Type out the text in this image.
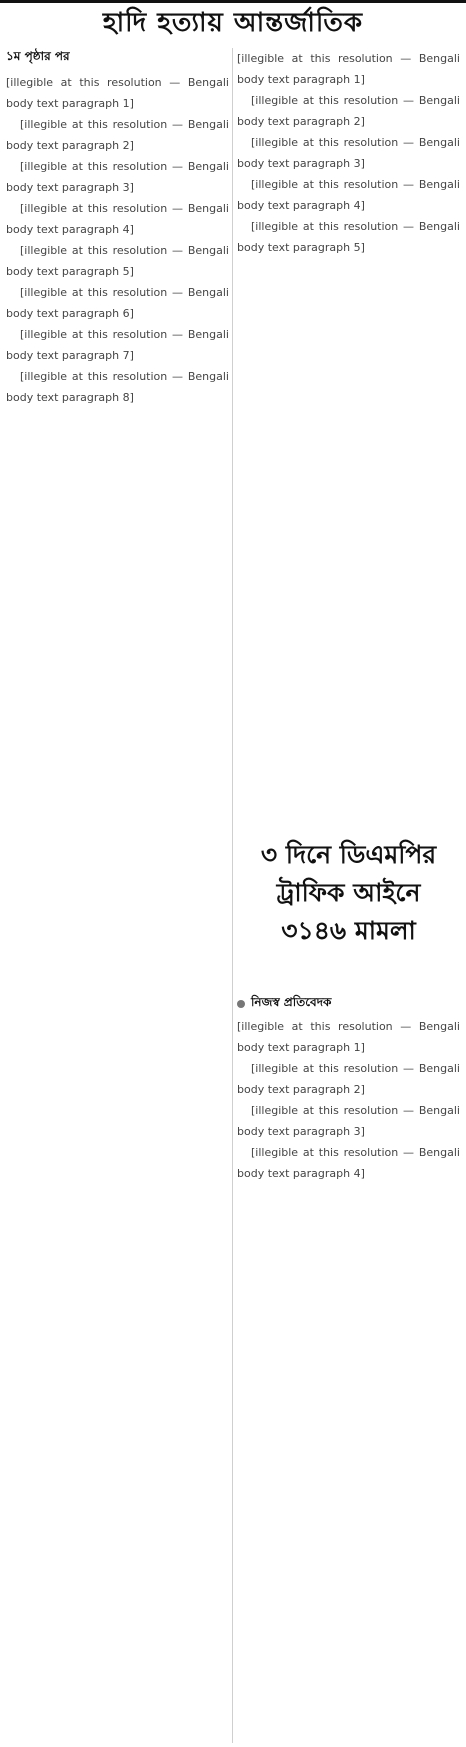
হাদি হত্যায় আন্তর্জাতিক

১ম পৃষ্ঠার পর

[illegible at this resolution — Bengali body text paragraph 1]

[illegible at this resolution — Bengali body text paragraph 2]

[illegible at this resolution — Bengali body text paragraph 3]

[illegible at this resolution — Bengali body text paragraph 4]

[illegible at this resolution — Bengali body text paragraph 5]

[illegible at this resolution — Bengali body text paragraph 6]

[illegible at this resolution — Bengali body text paragraph 7]

[illegible at this resolution — Bengali body text paragraph 8]

[illegible at this resolution — Bengali body text paragraph 1]

[illegible at this resolution — Bengali body text paragraph 2]

[illegible at this resolution — Bengali body text paragraph 3]

[illegible at this resolution — Bengali body text paragraph 4]

[illegible at this resolution — Bengali body text paragraph 5]

৩ দিনে ডিএমপির

ট্রাফিক আইনে

৩১৪৬ মামলা

নিজস্ব প্রতিবেদক

[illegible at this resolution — Bengali body text paragraph 1]

[illegible at this resolution — Bengali body text paragraph 2]

[illegible at this resolution — Bengali body text paragraph 3]

[illegible at this resolution — Bengali body text paragraph 4]
